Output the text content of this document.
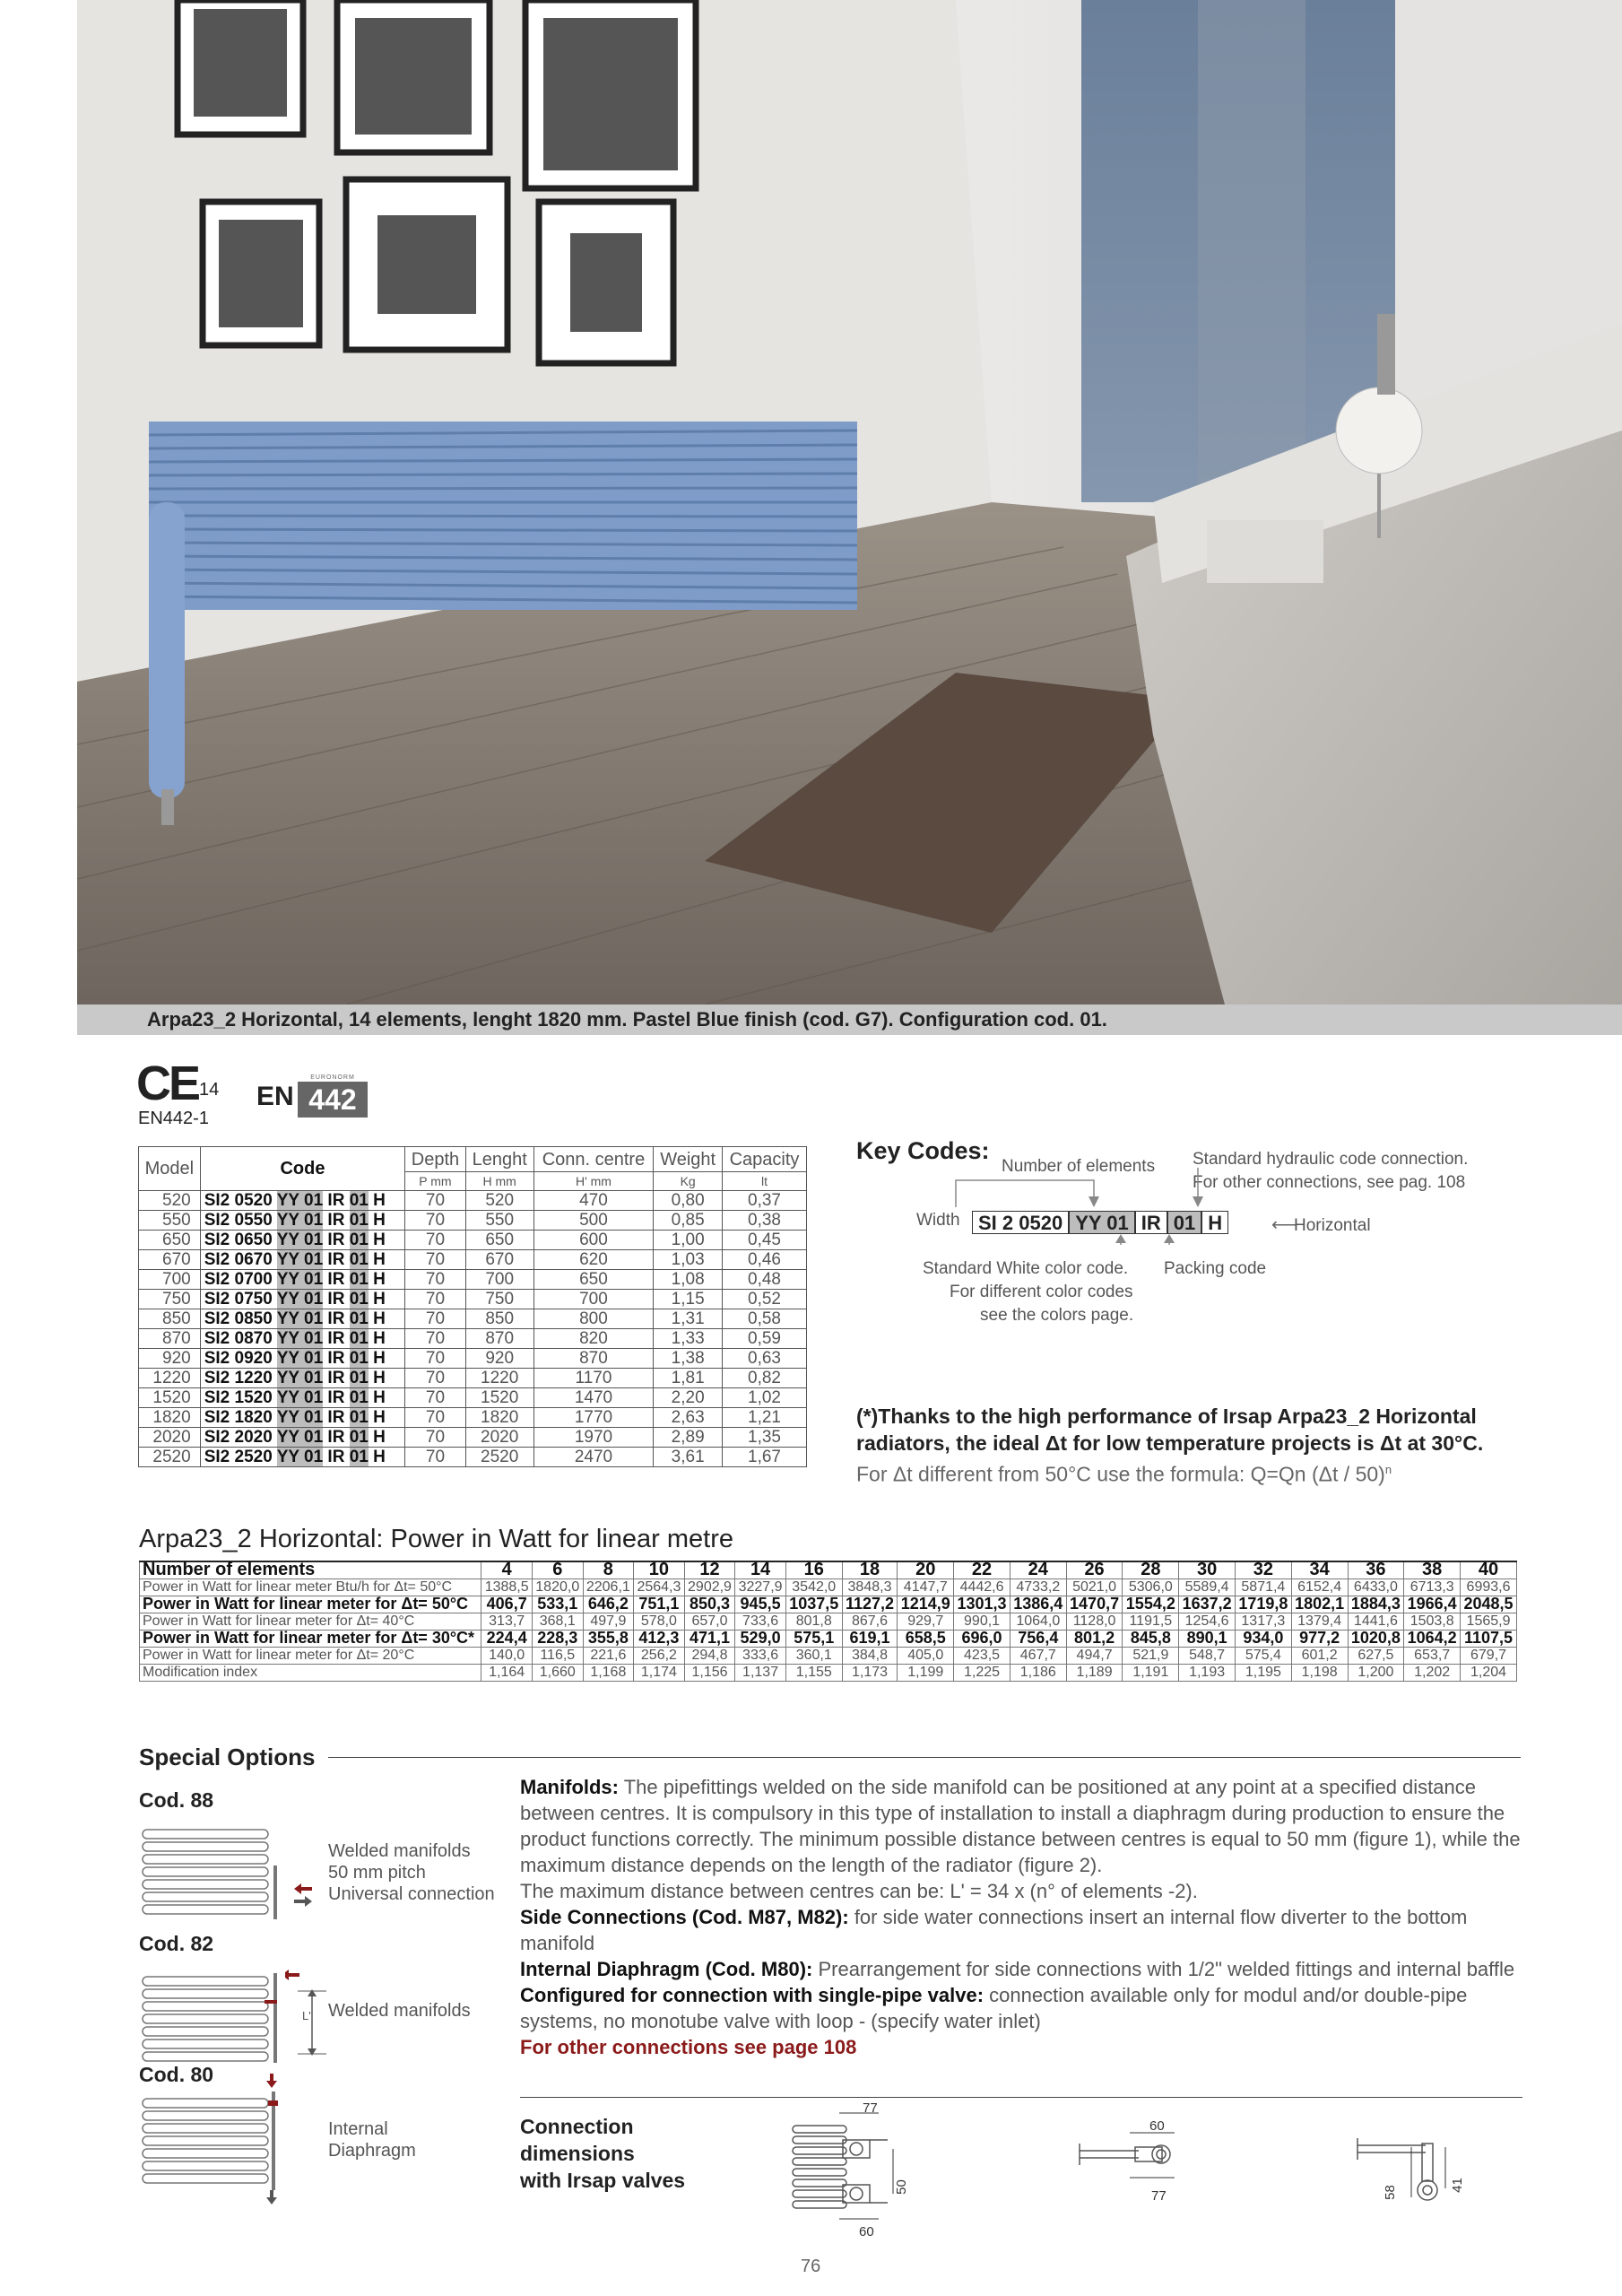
Arpa23_2 Horizontal, 14 elements, lenght 1820 mm. Pastel Blue finish (cod. G7). Configuration cod. 01.
CE 14
EURONORM
EN 442
EN442-1
Model	Code	Depth	Lenght	Conn. centre	Weight	Capacity
		P mm	H mm	H' mm	Kg	lt
520	SI2 0520 YY 01 IR 01 H	70	520	470	0,80	0,37
550	SI2 0550 YY 01 IR 01 H	70	550	500	0,85	0,38
650	SI2 0650 YY 01 IR 01 H	70	650	600	1,00	0,45
670	SI2 0670 YY 01 IR 01 H	70	670	620	1,03	0,46
700	SI2 0700 YY 01 IR 01 H	70	700	650	1,08	0,48
750	SI2 0750 YY 01 IR 01 H	70	750	700	1,15	0,52
850	SI2 0850 YY 01 IR 01 H	70	850	800	1,31	0,58
870	SI2 0870 YY 01 IR 01 H	70	870	820	1,33	0,59
920	SI2 0920 YY 01 IR 01 H	70	920	870	1,38	0,63
1220	SI2 1220 YY 01 IR 01 H	70	1220	1170	1,81	0,82
1520	SI2 1520 YY 01 IR 01 H	70	1520	1470	2,20	1,02
1820	SI2 1820 YY 01 IR 01 H	70	1820	1770	2,63	1,21
2020	SI2 2020 YY 01 IR 01 H	70	2020	1970	2,89	1,35
2520	SI2 2520 YY 01 IR 01 H	70	2520	2470	3,61	1,67
Key Codes:
Number of elements Standard hydraulic code connection.
For other connections, see pag. 108
Width SI 2 0520 YY 01 IR 01 H	⟵
Horizontal
Standard White color code.
For different color codes
see the colors page.
Packing code
(*)Thanks to the high performance of Irsap Arpa23_2 Horizontal radiators, the ideal Δt for low temperature projects is Δt at 30°C.
For Δt different from 50°C use the formula: Q=Qn (Δt / 50)$^n$
Arpa23_2 Horizontal: Power in Watt for linear metre
Number of elements	4	6	8	10	12	14	16	18	20	22	24	26	28	30	32	34	36	38	40
Power in Watt for linear meter Btu/h for Δt= 50°C	1388,5	1820,0	2206,1	2564,3	2902,9	3227,9	3542,0	3848,3	4147,7	4442,6	4733,2	5021,0	5306,0	5589,4	5871,4	6152,4	6433,0	6713,3	6993,6
Power in Watt for linear meter for Δt= 50°C	406,7	533,1	646,2	751,1	850,3	945,5	1037,5	1127,2	1214,9	1301,3	1386,4	1470,7	1554,2	1637,2	1719,8	1802,1	1884,3	1966,4	2048,5
Power in Watt for linear meter for Δt= 40°C	313,7	368,1	497,9	578,0	657,0	733,6	801,8	867,6	929,7	990,1	1064,0	1128,0	1191,5	1254,6	1317,3	1379,4	1441,6	1503,8	1565,9
Power in Watt for linear meter for Δt= 30°C*	224,4	228,3	355,8	412,3	471,1	529,0	575,1	619,1	658,5	696,0	756,4	801,2	845,8	890,1	934,0	977,2	1020,8	1064,2	1107,5
Power in Watt for linear meter for Δt= 20°C	140,0	116,5	221,6	256,2	294,8	333,6	360,1	384,8	405,0	423,5	467,7	494,7	521,9	548,7	575,4	601,2	627,5	653,7	679,7
Modification index	1,164	1,660	1,168	1,174	1,156	1,137	1,155	1,173	1,199	1,225	1,186	1,189	1,191	1,193	1,195	1,198	1,200	1,202	1,204
Special Options
Cod. 88
Welded manifolds
50 mm pitch
Universal connection
Cod. 82
L' Welded manifolds
Cod. 80
Internal
Diaphragm
Manifolds: The pipefittings welded on the side manifold can be positioned at any point at a specified distance between centres. It is compulsory in this type of installation to install a diaphragm during production to ensure the product functions correctly. The minimum possible distance between centres is equal to 50 mm (figure 1), while the maximum distance depends on the length of the radiator (figure 2).
The maximum distance between centres can be: L' = 34 x (n° of elements -2).
Side Connections (Cod. M87, M82): for side water connections insert an internal flow diverter to the bottom manifold
Internal Diaphragm (Cod. M80): Prearrangement for side connections with 1/2" welded fittings and internal baffle
Configured for connection with single-pipe valve: connection available only for modul and/or double-pipe systems, no monotube valve with loop - (specify water inlet)
For other connections see page 108
Connection
dimensions
with Irsap valves
77
50
60
60
77	58	41
76
